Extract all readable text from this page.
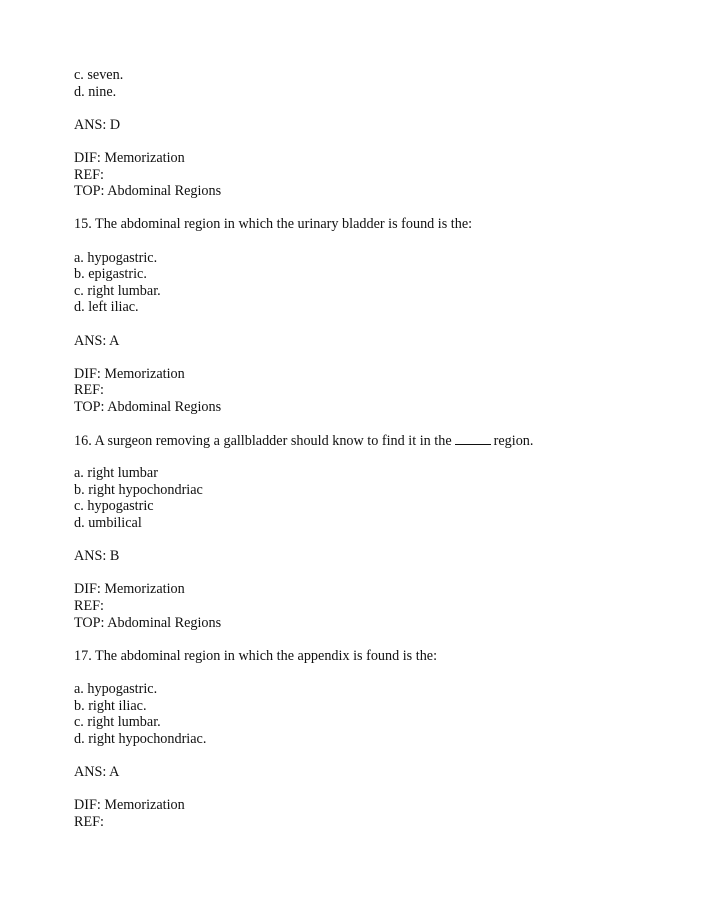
c. seven.
d. nine.
ANS: D
DIF: Memorization
REF:
TOP: Abdominal Regions
15. The abdominal region in which the urinary bladder is found is the:
a. hypogastric.
b. epigastric.
c. right lumbar.
d. left iliac.
ANS: A
DIF: Memorization
REF:
TOP: Abdominal Regions
16. A surgeon removing a gallbladder should know to find it in the	region.
a. right lumbar
b. right hypochondriac
c. hypogastric
d. umbilical
ANS: B
DIF: Memorization
REF:
TOP: Abdominal Regions
17. The abdominal region in which the appendix is found is the:
a. hypogastric.
b. right iliac.
c. right lumbar.
d. right hypochondriac.
ANS: A
DIF: Memorization
REF:
